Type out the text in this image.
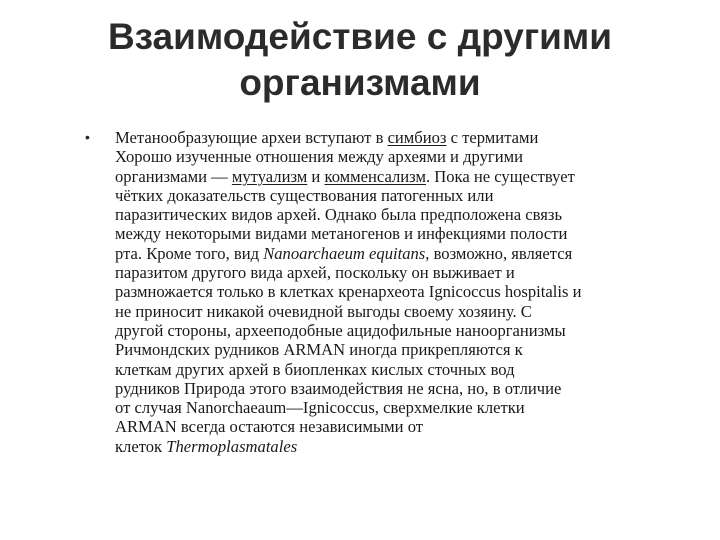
Взаимодействие с другими
организмами
• Метанообразующие археи вступают в симбиоз с термитами
Хорошо изученные отношения между археями и другими
организмами — мутуализм и комменсализм. Пока не существует
чётких доказательств существования патогенных или
паразитических видов архей. Однако была предположена связь
между некоторыми видами метаногенов и инфекциями полости
рта. Кроме того, вид Nanoarchaeum equitans, возможно, является
паразитом другого вида архей, поскольку он выживает и
размножается только в клетках кренархеота Ignicoccus hospitalis и
не приносит никакой очевидной выгоды своему хозяину. С
другой стороны, архееподобные ацидофильные наноорганизмы
Ричмондских рудников ARMAN иногда прикрепляются к
клеткам других архей в биопленках кислых сточных вод
рудников Природа этого взаимодействия не ясна, но, в отличие
от случая Nanorchaeaum—Ignicoccus, сверхмелкие клетки
ARMAN всегда остаются независимыми от
клеток Thermoplasmatales
